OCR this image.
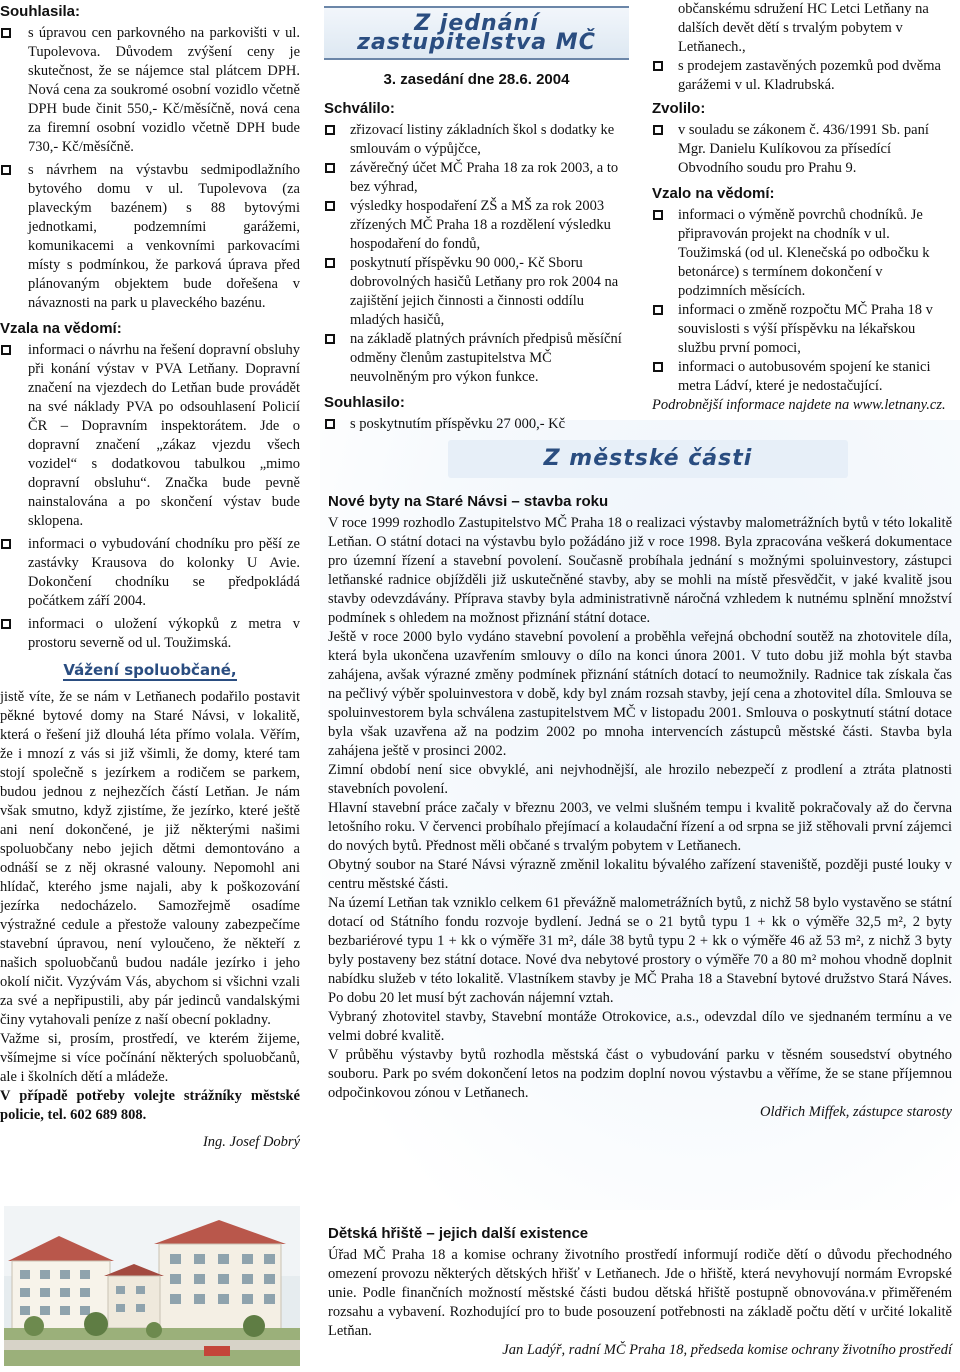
Souhlasila:

s úpravou cen parkovného na parkovišti v ul. Tupolevova. Důvodem zvýšení ceny je skutečnost, že se nájemce stal plátcem DPH. Nová cena za soukromé osobní vozidlo včetně DPH bude činit 550,- Kč/měsíčně, nová cena za firemní osobní vozidlo včetně DPH bude 730,- Kč/měsíčně.

s návrhem na výstavbu sedmipodlažního bytového domu v ul. Tupolevova (za plaveckým bazénem) s 88 bytovými jednotkami, podzemními garážemi, komunikacemi a venkovními parkovacími místy s podmínkou, že parková úprava před plánovaným objektem bude dořešena v návaznosti na park u plaveckého bazénu.

Vzala na vědomí:

informaci o návrhu na řešení dopravní obsluhy při konání výstav v PVA Letňany. Dopravní značení na vjezdech do Letňan bude provádět na své náklady PVA po odsouhlasení Policií ČR – Dopravním inspektorátem. Jde o dopravní značení „zákaz vjezdu všech vozidel“ s dodatkovou tabulkou „mimo dopravní obsluhu“. Značka bude pevně nainstalována a po skončení výstav bude sklopena.

informaci o vybudování chodníku pro pěší ze zastávky Krausova do kolonky U Avie. Dokončení chodníku se předpokládá počátkem září 2004.

informaci o uložení výkopků z metra v prostoru severně od ul. Toužimská.

Vážení spoluobčané,

jistě víte, že se nám v Letňanech podařilo postavit pěkné bytové domy na Staré Návsi, v lokalitě, která o řešení již dlouhá léta přímo volala. Věřím, že i mnozí z vás si již všimli, že domy, které tam stojí společně s jezírkem a rodičem se parkem, budou jednou z nejhezčích částí Letňan. Je nám však smutno, když zjistíme, že jezírko, které ještě ani není dokončené, je již některými našimi spoluobčany nebo jejich dětmi demontováno a odnáší se z něj okrasné valouny. Nepomohl ani hlídač, kterého jsme najali, aby k poškozování jezírka nedocházelo. Samozřejmě osadíme výstražné cedule a přestože valouny zabezpečíme stavební úpravou, není vyloučeno, že někteří z našich spoluobčanů budou nadále jezírko i jeho okolí ničit. Vyzývám Vás, abychom si všichni vzali za své a nepřipustili, aby pár jedinců vandalskými činy vytahovali peníze z naší obecní pokladny.

Važme si, prosím, prostředí, ve kterém žijeme, všímejme si více počínání některých spoluobčanů, ale i školních dětí a mládeže.

V případě potřeby volejte strážníky městské policie, tel. 602 689 808.

Ing. Josef Dobrý

Z jednání zastupitelstva MČ
3. zasedání dne 28.6. 2004
Schválilo:

zřizovací listiny základních škol s dodatky ke smlouvám o výpůjčce,

závěrečný účet MČ Praha 18 za rok 2003, a to bez výhrad,

výsledky hospodaření ZŠ a MŠ za rok 2003 zřízených MČ Praha 18 a rozdělení výsledku hospodaření do fondů,

poskytnutí příspěvku 90 000,- Kč Sboru dobrovolných hasičů Letňany pro rok 2004 na zajištění jejich činnosti a činnosti oddílu mladých hasičů,

na základě platných právních předpisů měsíční odměny členům zastupitelstva MČ neuvolněným pro výkon funkce.

Souhlasilo:

s poskytnutím příspěvku 27 000,- Kč

občanskému sdružení HC Letci Letňany na dalších devět dětí s trvalým pobytem v Letňanech.,

s prodejem zastavěných pozemků pod dvěma garážemi v ul. Kladrubská.

Zvolilo:

v souladu se zákonem č. 436/1991 Sb. paní Mgr. Danielu Kulíkovou za přísedící Obvodního soudu pro Prahu 9.

Vzalo na vědomí:

informaci o výměně povrchů chodníků. Je připravován projekt na chodník v ul. Toužimská (od ul. Klenečská po odbočku k betonárce) s termínem dokončení v podzimních měsících.

informaci o změně rozpočtu MČ Praha 18 v souvislosti s výší příspěvku na lékařskou službu první pomoci,

informaci o autobusovém spojení ke stanici metra Ládví, které je nedostačující.

Podrobnější informace najdete na www.letnany.cz.

Z městské části
Nové byty na Staré Návsi – stavba roku

V roce 1999 rozhodlo Zastupitelstvo MČ Praha 18 o realizaci výstavby malometrážních bytů v této lokalitě Letňan. O státní dotaci na výstavbu bylo požádáno již v roce 1998. Byla zpracována veškerá dokumentace pro územní řízení a stavební povolení. Současně probíhala jednání s možnými spoluinvestory, zástupci letňanské radnice objížděli již uskutečněné stavby, aby se mohli na místě přesvědčit, v jaké kvalitě jsou stavby odevzdávány. Příprava stavby byla administrativně náročná vzhledem k nutnému splnění množství podmínek s ohledem na možnost přiznání státní dotace.

Ještě v roce 2000 bylo vydáno stavební povolení a proběhla veřejná obchodní soutěž na zhotovitele díla, která byla ukončena uzavřením smlouvy o dílo na konci února 2001. V tuto dobu již mohla být stavba zahájena, avšak výrazné změny podmínek přiznání státních dotací to neumožnily. Radnice tak získala čas na pečlivý výběr spoluinvestora v době, kdy byl znám rozsah stavby, její cena a zhotovitel díla. Smlouva se spoluinvestorem byla schválena zastupitelstvem MČ v listopadu 2001. Smlouva o poskytnutí státní dotace byla však uzavřena až na podzim 2002 po mnoha intervencích zástupců městské části. Stavba byla zahájena ještě v prosinci 2002.

Zimní období není sice obvyklé, ani nejvhodnější, ale hrozilo nebezpečí z prodlení a ztráta platnosti stavebních povolení.

Hlavní stavební práce začaly v březnu 2003, ve velmi slušném tempu i kvalitě pokračovaly až do června letošního roku. V červenci probíhalo přejímací a kolaudační řízení a od srpna se již stěhovali první zájemci do nových bytů. Přednost měli občané s trvalým pobytem v Letňanech.

Obytný soubor na Staré Návsi výrazně změnil lokalitu bývalého zařízení staveniště, později pusté louky v centru městské části.

Na území Letňan tak vzniklo celkem 61 převážně malometrážních bytů, z nichž 58 bylo vystavěno se státní dotací od Státního fondu rozvoje bydlení. Jedná se o 21 bytů typu 1 + kk o výměře 32,5 m², 2 byty bezbariérové typu 1 + kk o výměře 31 m², dále 38 bytů typu 2 + kk o výměře 46 až 53 m², z nichž 3 byty byly postaveny bez státní dotace. Nové dva nebytové prostory o výměře 70 a 80 m² mohou vhodně doplnit nabídku služeb v této lokalitě. Vlastníkem stavby je MČ Praha 18 a Stavební bytové družstvo Stará Náves. Po dobu 20 let musí být zachován nájemní vztah.

Vybraný zhotovitel stavby, Stavební montáže Otrokovice, a.s., odevzdal dílo ve sjednaném termínu a ve velmi dobré kvalitě.

V průběhu výstavby bytů rozhodla městská část o vybudování parku v těsném sousedství obytného souboru. Park po svém dokončení letos na podzim doplní novou výstavbu a věříme, že se stane příjemnou odpočinkovou zónou v Letňanech.

Oldřich Miffek, zástupce starosty

Dětská hřiště – jejich další existence

Úřad MČ Praha 18 a komise ochrany životního prostředí informují rodiče dětí o důvodu přechodného omezení provozu některých dětských hřišť v Letňanech. Jde o hřiště, která nevyhovují normám Evropské unie. Podle finančních možností městské části budou dětská hřiště postupně obnovována.v přiměřeném rozsahu a vybavení. Rozhodující pro to bude posouzení potřebnosti na základě počtu dětí v určité lokalitě Letňan.

Jan Ladýř, radní MČ Praha 18, předseda komise ochrany životního prostředí
